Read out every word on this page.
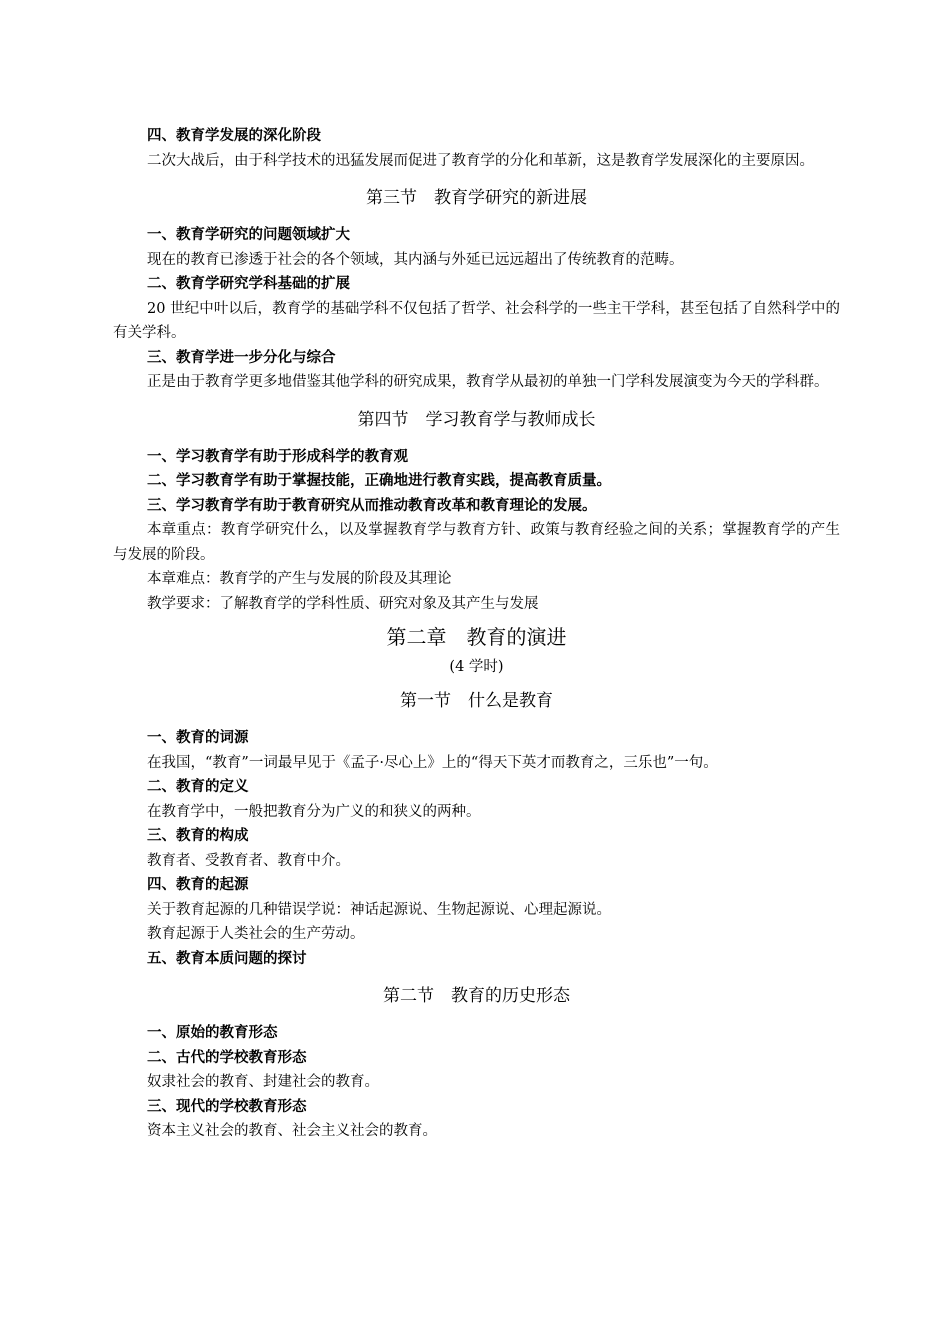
四、教育学发展的深化阶段
二次大战后，由于科学技术的迅猛发展而促进了教育学的分化和革新，这是教育学发展深化的主要原因。
第三节　教育学研究的新进展
一、教育学研究的问题领域扩大
现在的教育已渗透于社会的各个领域，其内涵与外延已远远超出了传统教育的范畴。
二、教育学研究学科基础的扩展
20 世纪中叶以后，教育学的基础学科不仅包括了哲学、社会科学的一些主干学科，甚至包括了自然科学中的有关学科。
三、教育学进一步分化与综合
正是由于教育学更多地借鉴其他学科的研究成果，教育学从最初的单独一门学科发展演变为今天的学科群。
第四节　学习教育学与教师成长
一、学习教育学有助于形成科学的教育观
二、学习教育学有助于掌握技能，正确地进行教育实践，提高教育质量。
三、学习教育学有助于教育研究从而推动教育改革和教育理论的发展。
本章重点：教育学研究什么，以及掌握教育学与教育方针、政策与教育经验之间的关系；掌握教育学的产生与发展的阶段。
本章难点：教育学的产生与发展的阶段及其理论
教学要求：了解教育学的学科性质、研究对象及其产生与发展
第二章　教育的演进
(4 学时)
第一节　什么是教育
一、教育的词源
在我国，“教育”一词最早见于《孟子·尽心上》上的“得天下英才而教育之，三乐也”一句。
二、教育的定义
在教育学中，一般把教育分为广义的和狭义的两种。
三、教育的构成
教育者、受教育者、教育中介。
四、教育的起源
关于教育起源的几种错误学说：神话起源说、生物起源说、心理起源说。
教育起源于人类社会的生产劳动。
五、教育本质问题的探讨
第二节　教育的历史形态
一、原始的教育形态
二、古代的学校教育形态
奴隶社会的教育、封建社会的教育。
三、现代的学校教育形态
资本主义社会的教育、社会主义社会的教育。
